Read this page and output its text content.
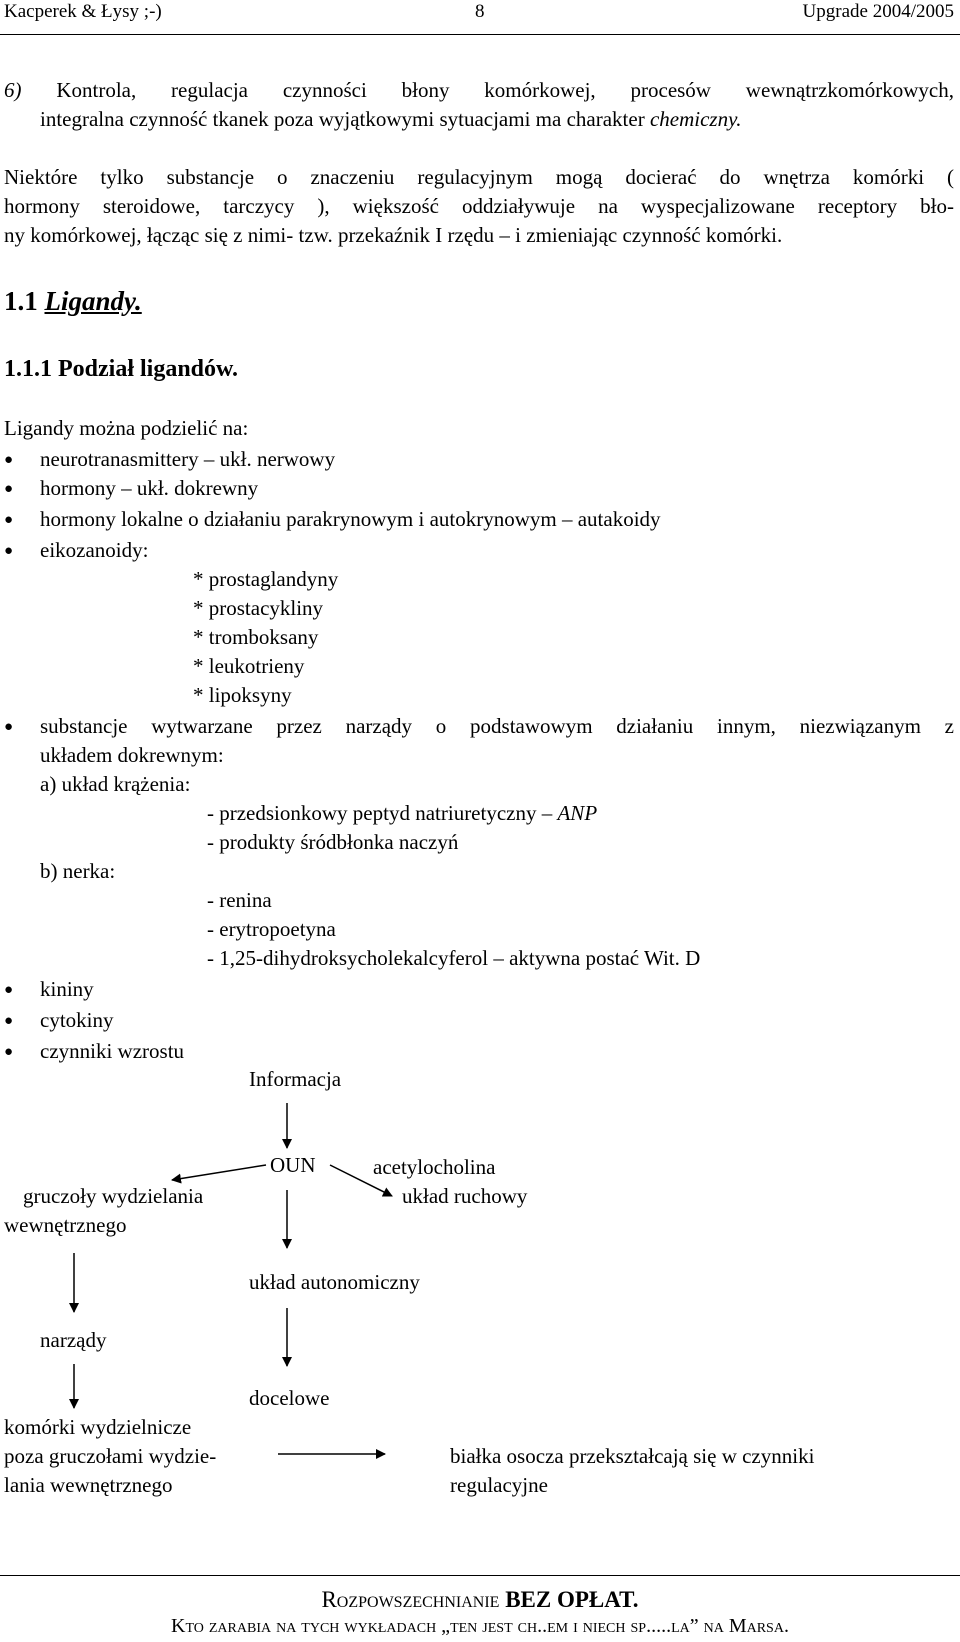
Kacperek & Łysy ;-)	8	Upgrade 2004/2005
6) Kontrola, regulacja czynności błony komórkowej, procesów wewnątrzkomórkowych,
integralna czynność tkanek poza wyjątkowymi sytuacjami ma charakter chemiczny.
Niektóre tylko substancje o znaczeniu regulacyjnym mogą docierać do wnętrza komórki (
hormony steroidowe, tarczycy ), większość oddziaływuje na wyspecjalizowane receptory bło-
ny komórkowej, łącząc się z nimi- tzw. przekaźnik I rzędu – i zmieniając czynność komórki.
1.1 Ligandy.
1.1.1 Podział ligandów.
Ligandy można podzielić na:
● neurotranasmittery – ukł. nerwowy
● hormony – ukł. dokrewny
● hormony lokalne o działaniu parakrynowym i autokrynowym – autakoidy
● eikozanoidy:
* prostaglandyny
* prostacykliny
* tromboksany
* leukotrieny
* lipoksyny
● substancje wytwarzane przez narządy o podstawowym działaniu innym, niezwiązanym z
układem dokrewnym:
a) układ krążenia:
- przedsionkowy peptyd natriuretyczny – ANP
- produkty śródbłonka naczyń
b) nerka:
- renina
- erytropoetyna
- 1,25-dihydroksycholekalcyferol – aktywna postać Wit. D
● kininy
● cytokiny
● czynniki wzrostu
Informacja
OUN	acetylocholina
układ ruchowy
gruczoły wydzielania
wewnętrznego
układ autonomiczny
narządy
docelowe
komórki wydzielnicze
poza gruczołami wydzie-
lania wewnętrznego
białka osocza przekształcają się w czynniki
regulacyjne
Rozpowszechnianie BEZ OPŁAT.
Kto zarabia na tych wykładach „ten jest ch..em i niech sp.....la” na Marsa.
